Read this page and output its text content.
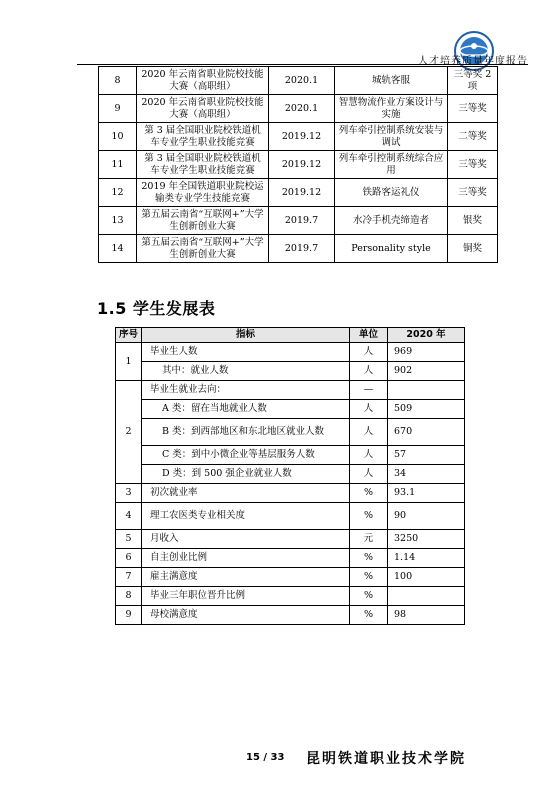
人才培养质量年度报告
8	2020 年云南省职业院校技能大赛（高职组）	2020.1	城轨客服	三等奖 2 项
9	2020 年云南省职业院校技能大赛（高职组）	2020.1	智慧物流作业方案设计与实施	三等奖
10	第 3 届全国职业院校铁道机车专业学生职业技能竞赛	2019.12	列车牵引控制系统安装与调试	二等奖
11	第 3 届全国职业院校铁道机车专业学生职业技能竞赛	2019.12	列车牵引控制系统综合应用	三等奖
12	2019 年全国铁道职业院校运输类专业学生技能竞赛	2019.12	铁路客运礼仪	三等奖
13	第五届云南省“互联网+”大学生创新创业大赛	2019.7	水冷手机壳缔造者	银奖
14	第五届云南省“互联网+”大学生创新创业大赛	2019.7	Personality style	铜奖
1.5 学生发展表
序号	指标	单位	2020 年
1	毕业生人数	人	969
	其中：就业人数	人	902
2	毕业生就业去向：	—	
	A 类：留在当地就业人数	人	509
	B 类：到西部地区和东北地区就业人数	人	670
	C 类：到中小微企业等基层服务人数	人	57
	D 类：到 500 强企业就业人数	人	34
3	初次就业率	%	93.1
4	理工农医类专业相关度	%	90
5	月收入	元	3250
6	自主创业比例	%	1.14
7	雇主满意度	%	100
8	毕业三年职位晋升比例	%	
9	母校满意度	%	98
15 / 33 昆明铁道职业技术学院
